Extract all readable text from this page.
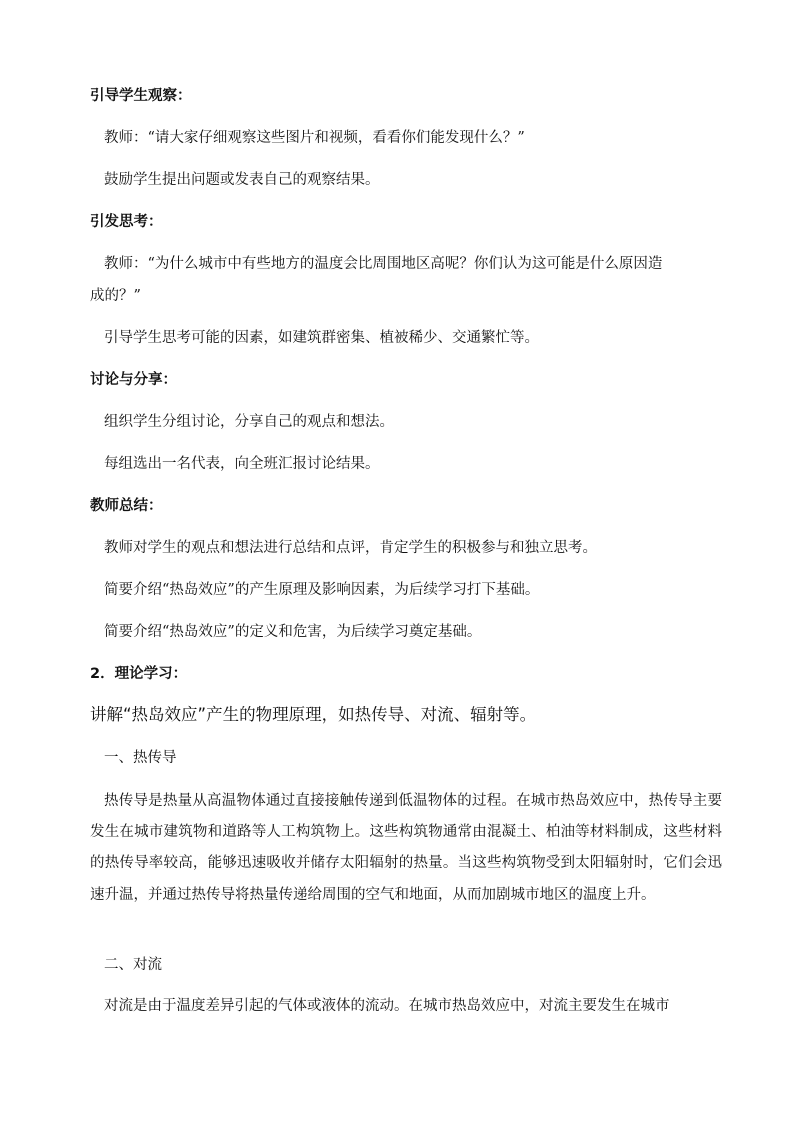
引导学生观察：
教师：“请大家仔细观察这些图片和视频，看看你们能发现什么？”
鼓励学生提出问题或发表自己的观察结果。
引发思考：
教师：“为什么城市中有些地方的温度会比周围地区高呢？你们认为这可能是什么原因造
成的？”
引导学生思考可能的因素，如建筑群密集、植被稀少、交通繁忙等。
讨论与分享：
组织学生分组讨论，分享自己的观点和想法。
每组选出一名代表，向全班汇报讨论结果。
教师总结：
教师对学生的观点和想法进行总结和点评，肯定学生的积极参与和独立思考。
简要介绍“热岛效应”的产生原理及影响因素，为后续学习打下基础。
简要介绍“热岛效应”的定义和危害，为后续学习奠定基础。
2．理论学习：
讲解“热岛效应”产生的物理原理，如热传导、对流、辐射等。
一、热传导

热传导是热量从高温物体通过直接接触传递到低温物体的过程。在城市热岛效应中，热传导主要发生在城市建筑物和道路等人工构筑物上。这些构筑物通常由混凝土、柏油等材料制成，这些材料的热传导率较高，能够迅速吸收并储存太阳辐射的热量。当这些构筑物受到太阳辐射时，它们会迅速升温，并通过热传导将热量传递给周围的空气和地面，从而加剧城市地区的温度上升。

二、对流
对流是由于温度差异引起的气体或液体的流动。在城市热岛效应中，对流主要发生在城市
